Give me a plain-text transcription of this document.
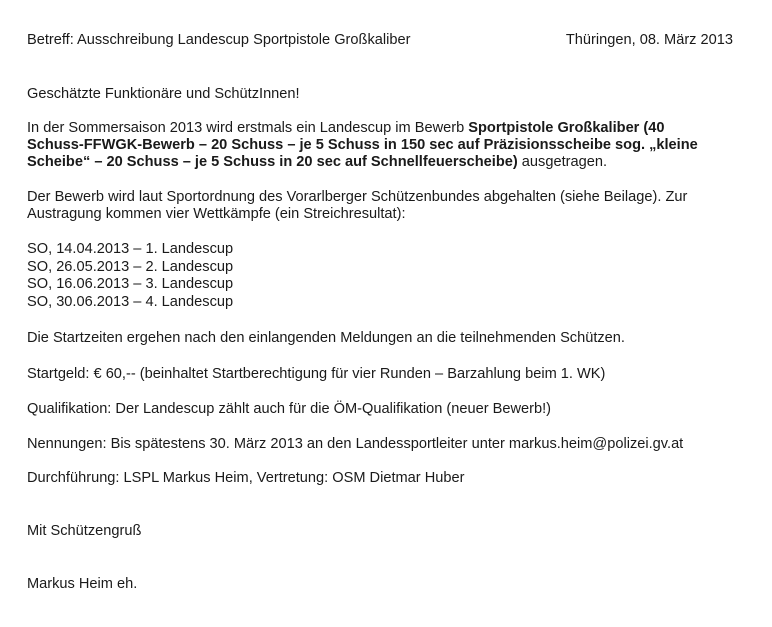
Betreff: Ausschreibung Landescup Sportpistole Großkaliber	Thüringen, 08. März 2013
Geschätzte Funktionäre und SchützInnen!
In der Sommersaison 2013 wird erstmals ein Landescup im Bewerb Sportpistole Großkaliber (40
Schuss-FFWGK-Bewerb – 20 Schuss – je 5 Schuss in 150 sec auf Präzisionsscheibe sog. „kleine
Scheibe“ – 20 Schuss – je 5 Schuss in 20 sec auf Schnellfeuerscheibe) ausgetragen.
Der Bewerb wird laut Sportordnung des Vorarlberger Schützenbundes abgehalten (siehe Beilage). Zur
Austragung kommen vier Wettkämpfe (ein Streichresultat):
SO, 14.04.2013 – 1. Landescup
SO, 26.05.2013 – 2. Landescup
SO, 16.06.2013 – 3. Landescup
SO, 30.06.2013 – 4. Landescup
Die Startzeiten ergehen nach den einlangenden Meldungen an die teilnehmenden Schützen.
Startgeld: € 60,-- (beinhaltet Startberechtigung für vier Runden – Barzahlung beim 1. WK)
Qualifikation: Der Landescup zählt auch für die ÖM-Qualifikation (neuer Bewerb!)
Nennungen: Bis spätestens 30. März 2013 an den Landessportleiter unter markus.heim@polizei.gv.at
Durchführung: LSPL Markus Heim, Vertretung: OSM Dietmar Huber
Mit Schützengruß
Markus Heim eh.
